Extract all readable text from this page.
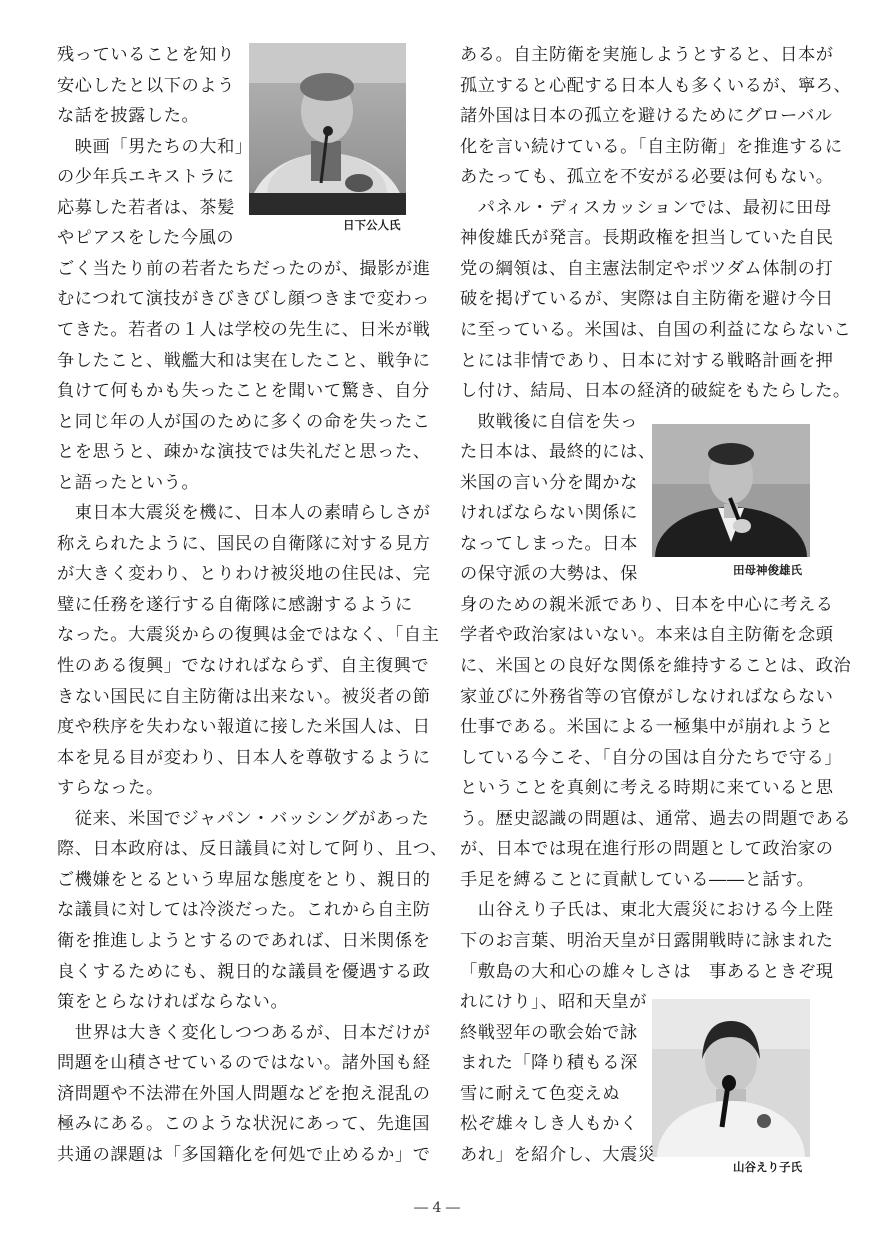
日下公人氏
田母神俊雄氏
山谷えり子氏
残っていることを知り
安心したと以下のよう
な話を披露した。
　映画「男たちの大和」
の少年兵エキストラに
応募した若者は、茶髪
やピアスをした今風の
ごく当たり前の若者たちだったのが、撮影が進
むにつれて演技がきびきびし顔つきまで変わっ
てきた。若者の１人は学校の先生に、日米が戦
争したこと、戦艦大和は実在したこと、戦争に
負けて何もかも失ったことを聞いて驚き、自分
と同じ年の人が国のために多くの命を失ったこ
とを思うと、疎かな演技では失礼だと思った、
と語ったという。
　東日本大震災を機に、日本人の素晴らしさが
称えられたように、国民の自衛隊に対する見方
が大きく変わり、とりわけ被災地の住民は、完
璧に任務を遂行する自衛隊に感謝するように
なった。大震災からの復興は金ではなく、「自主
性のある復興」でなければならず、自主復興で
きない国民に自主防衛は出来ない。被災者の節
度や秩序を失わない報道に接した米国人は、日
本を見る目が変わり、日本人を尊敬するように
すらなった。
　従来、米国でジャパン・バッシングがあった
際、日本政府は、反日議員に対して阿り、且つ、
ご機嫌をとるという卑屈な態度をとり、親日的
な議員に対しては冷淡だった。これから自主防
衛を推進しようとするのであれば、日米関係を
良くするためにも、親日的な議員を優遇する政
策をとらなければならない。
　世界は大きく変化しつつあるが、日本だけが
問題を山積させているのではない。諸外国も経
済問題や不法滞在外国人問題などを抱え混乱の
極みにある。このような状況にあって、先進国
共通の課題は「多国籍化を何処で止めるか」で
ある。自主防衛を実施しようとすると、日本が
孤立すると心配する日本人も多くいるが、寧ろ、
諸外国は日本の孤立を避けるためにグローバル
化を言い続けている。「自主防衛」を推進するに
あたっても、孤立を不安がる必要は何もない。
　パネル・ディスカッションでは、最初に田母
神俊雄氏が発言。長期政権を担当していた自民
党の綱領は、自主憲法制定やポツダム体制の打
破を掲げているが、実際は自主防衛を避け今日
に至っている。米国は、自国の利益にならないこ
とには非情であり、日本に対する戦略計画を押
し付け、結局、日本の経済的破綻をもたらした。
　敗戦後に自信を失っ
た日本は、最終的には、
米国の言い分を聞かな
ければならない関係に
なってしまった。日本
の保守派の大勢は、保
身のための親米派であり、日本を中心に考える
学者や政治家はいない。本来は自主防衛を念頭
に、米国との良好な関係を維持することは、政治
家並びに外務省等の官僚がしなければならない
仕事である。米国による一極集中が崩れようと
している今こそ、「自分の国は自分たちで守る」
ということを真剣に考える時期に来ていると思
う。歴史認識の問題は、通常、過去の問題である
が、日本では現在進行形の問題として政治家の
手足を縛ることに貢献している――と話す。
　山谷えり子氏は、東北大震災における今上陛
下のお言葉、明治天皇が日露開戦時に詠まれた
「敷島の大和心の雄々しさは　事あるときぞ現
れにけり」、昭和天皇が
終戦翌年の歌会始で詠
まれた「降り積もる深
雪に耐えて色変えぬ
松ぞ雄々しき人もかく
あれ」を紹介し、大震災
― 4 ―
